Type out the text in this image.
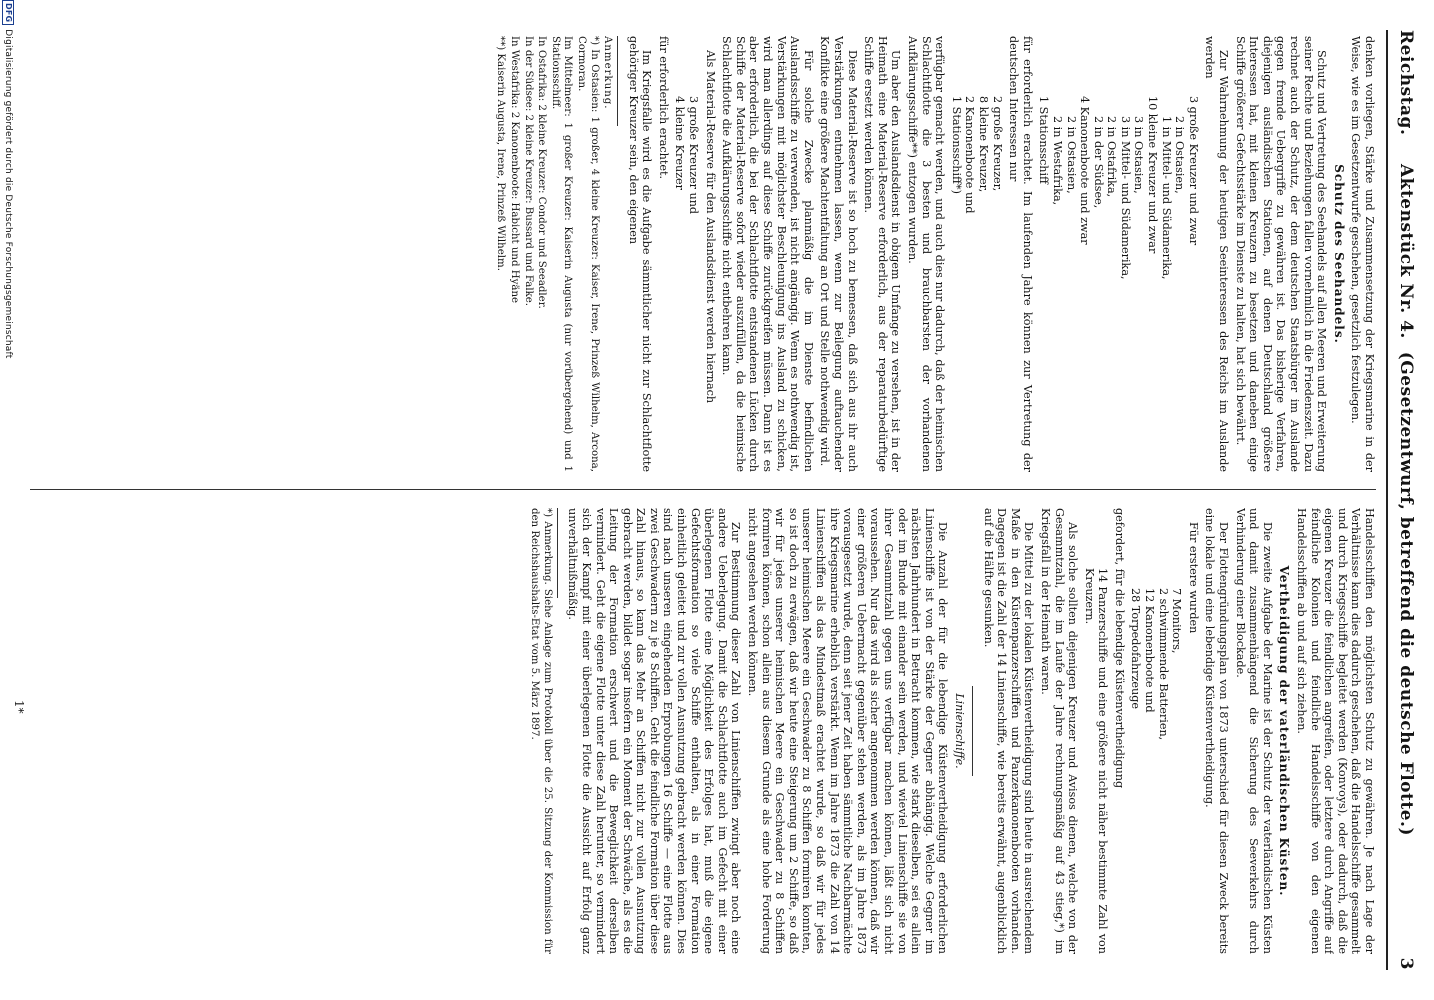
Reichstag.
Aktenstück Nr. 4.  (Gesetzentwurf, betreffend die deutsche Flotte.)
3

denken vorliegen, Stärke und Zusammensetzung der Kriegsmarine in der Weise, wie es im Gesetzentwurfe geschehen, gesetzlich festzulegen.

Schutz des Seehandels.

Schutz und Vertretung des Seehandels auf allen Meeren und Erweiterung seiner Rechte und Beziehungen fallen vornehmlich in die Friedenszeit. Dazu rechnet auch der Schutz, der dem deutschen Staatsbürger im Auslande gegen fremde Uebergriffe zu gewähren ist. Das bisherige Verfahren, diejenigen ausländischen Stationen, auf denen Deutschland größere Interessen hat, mit kleinen Kreuzern zu besetzen und daneben einige Schiffe größerer Gefechtsstärke im Dienste zu halten, hat sich bewährt.

Zur Wahrnehmung der heutigen Seeinteressen des Reichs im Auslande werden

3 große Kreuzer und zwar
2 in Ostasien,
1 in Mittel- und Südamerika,
10 kleine Kreuzer und zwar
3 in Ostasien,
3 in Mittel- und Südamerika,
2 in Ostafrika,
2 in der Südsee,
4 Kanonenboote und zwar
2 in Ostasien,
2 in Westafrika,
1 Stationsschiff

für erforderlich erachtet. Im laufenden Jahre können zur Vertretung der deutschen Interessen nur

2 große Kreuzer,
8 kleine Kreuzer,
2 Kanonenboote und
1 Stationsschiff*)

verfügbar gemacht werden, und auch dies nur dadurch, daß der heimischen Schlachtflotte die 3 besten und brauchbarsten der vorhandenen Aufklärungsschiffe**) entzogen wurden.

Um aber den Auslandsdienst in obigem Umfange zu versehen, ist in der Heimath eine Material-Reserve erforderlich, aus der reparaturbedürftige Schiffe ersetzt werden können.

Diese Material-Reserve ist so hoch zu bemessen, daß sich aus ihr auch Verstärkungen entnehmen lassen, wenn zur Beilegung auftauchender Konflikte eine größere Machtentfaltung an Ort und Stelle nothwendig wird.

Für solche Zwecke planmäßig die im Dienste befindlichen Auslandsschiffe zu verwenden, ist nicht angängig. Wenn es nothwendig ist, Verstärkungen mit möglichster Beschleunigung ins Ausland zu schicken, wird man allerdings auf diese Schiffe zurückgreifen müssen. Dann ist es aber erforderlich, die bei der Schlachtflotte entstandenen Lücken durch Schiffe der Material-Reserve sofort wieder auszufüllen, da die heimische Schlachtflotte die Aufklärungsschiffe nicht entbehren kann.

Als Material-Reserve für den Auslandsdienst werden hiernach

3 große Kreuzer und
4 kleine Kreuzer

für erforderlich erachtet.

Im Kriegsfalle wird es die Aufgabe sämmtlicher nicht zur Schlachtflotte gehöriger Kreuzer sein, den eigenen

Anmerkung.

*) In Ostasien: 1 großer, 4 kleine Kreuzer: Kaiser, Irene, Prinzeß Wilhelm, Arcona, Cormoran.

Im Mittelmeer: 1 großer Kreuzer: Kaiserin Augusta (nur vorübergehend) und 1 Stationsschiff.

In Ostafrika: 2 kleine Kreuzer: Condor und Seeadler.

In der Südsee: 2 kleine Kreuzer: Bussard und Falke.

In Westafrika: 2 Kanonenboote: Habicht und Hyäne

**) Kaiserin Augusta, Irene, Prinzeß Wilhelm.

Handelsschiffen den möglichsten Schutz zu gewähren. Je nach Lage der Verhältnisse kann dies dadurch geschehen, daß die Handelsschiffe gesammelt und durch Kriegsschiffe begleitet werden (Konvoys), oder dadurch, daß die eigenen Kreuzer die feindlichen angreifen, oder letztere durch Angriffe auf feindliche Kolonien und feindliche Handelsschiffe von den eigenen Handelsschiffen ab und auf sich ziehen.

Vertheidigung der vaterländischen Küsten.

Die zweite Aufgabe der Marine ist der Schutz der vaterländischen Küsten und damit zusammenhängend die Sicherung des Seeverkehrs durch Verhinderung einer Blockade.

Der Flottengründungsplan von 1873 unterschied für diesen Zweck bereits eine lokale und eine lebendige Küstenvertheidigung.

Für erstere wurden

7 Monitors,
2 schwimmende Batterien,
12 Kanonenboote und
28 Torpedofahrzeuge

gefordert, für die lebendige Küstenvertheidigung

14 Panzerschiffe und eine größere nicht näher bestimmte Zahl von Kreuzern.

Als solche sollten diejenigen Kreuzer und Avisos dienen, welche von der Gesammtzahl, die im Laufe der Jahre rechnungsmäßig auf 43 stieg,*) im Kriegsfall in der Heimath waren.

Die Mittel zu der lokalen Küstenvertheidigung sind heute in ausreichendem Maße in den Küstenpanzerschiffen und Panzerkanonenbooten vorhanden. Dagegen ist die Zahl der 14 Linienschiffe, wie bereits erwähnt, augenblicklich auf die Hälfte gesunken.

Linienschiffe.

Die Anzahl der für die lebendige Küstenvertheidigung erforderlichen Linienschiffe ist von der Stärke der Gegner abhängig. Welche Gegner im nächsten Jahrhundert in Betracht kommen, wie stark dieselben, sei es allein oder im Bunde mit einander sein werden, und wieviel Linienschiffe sie von ihrer Gesammtzahl gegen uns verfügbar machen können, läßt sich nicht voraussehen. Nur das wird als sicher angenommen werden können, daß wir einer größeren Uebermacht gegenüber stehen werden, als im Jahre 1873 vorausgesetzt wurde, denn seit jener Zeit haben sämmtliche Nachbarmächte ihre Kriegsmarine erheblich verstärkt. Wenn im Jahre 1873 die Zahl von 14 Linienschiffen als das Mindestmaß erachtet wurde, so daß wir für jedes unserer heimischen Meere ein Geschwader zu 8 Schiffen formiren konnten, so ist doch zu erwägen, daß wir heute eine Steigerung um 2 Schiffe, so daß wir für jedes unserer heimischen Meere ein Geschwader zu 8 Schiffen formiren können, schon allein aus diesem Grunde als eine hohe Forderung nicht angesehen werden können.

Zur Bestimmung dieser Zahl von Linienschiffen zwingt aber noch eine andere Ueberlegung. Damit die Schlachtflotte auch im Gefecht mit einer überlegenen Flotte eine Möglichkeit des Erfolges hat, muß die eigene Gefechtsformation so viele Schiffe enthalten, als in einer Formation einheitlich geleitet und zur vollen Ausnutzung gebracht werden können. Dies sind nach unseren eingehenden Erprobungen 16 Schiffe — eine Flotte aus zwei Geschwadern zu je 8 Schiffen. Geht die feindliche Formation über diese Zahl hinaus, so kann das Mehr an Schiffen nicht zur vollen Ausnutzung gebracht werden, bildet sogar insofern ein Moment der Schwäche, als es die Leitung der Formation erschwert und die Beweglichkeit derselben vermindert. Geht die eigene Flotte unter diese Zahl herunter, so vermindert sich der Kampf mit einer überlegenen Flotte die Aussicht auf Erfolg ganz unverhältnißmäßig.

*) Anmerkung. Siehe Anlage zum Protokoll über die 25. Sitzung der Kommission für den Reichshaushalts-Etat vom 5. März 1897.

1*
DFG
Digitalisierung gefördert durch die Deutsche Forschungsgemeinschaft
